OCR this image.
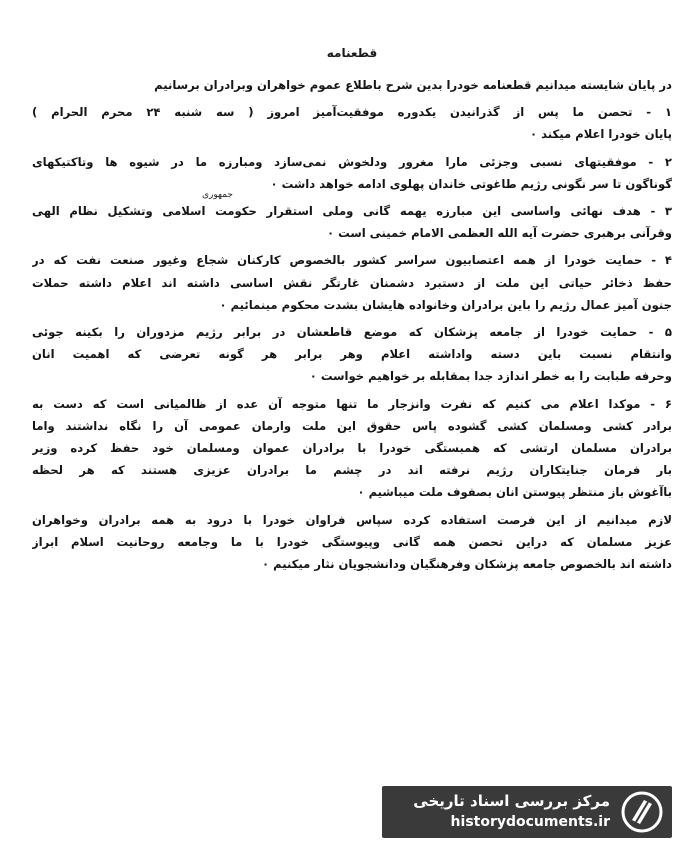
قطعنامه
در پایان شایسته میدانیم قطعنامه خودرا بدین شرح باطلاع عموم خواهران وبرادران برسانیم
۱ - تحصن ما پس از گذرانیدن یکدوره موفقیت‌آمیز امروز ( سه شنبه ۲۴ محرم الحرام )
پایان خودرا اعلام میکند ۰
۲ - موفقیتهای نسبی وجزئی مارا مغرور ودلخوش نمی‌سازد ومبارزه ما در شیوه ها وتاکتیکهای
گوناگون تا سر نگونی رژیم طاغوتی خاندان پهلوی ادامه خواهد داشت ۰
جمهوری
۳ - هدف نهائی واساسی این مبارزه یهمه گانی وملی استقرار حکومت اسلامی وتشکیل نظام الهی
وقرآنی برهبری حضرت آیه الله العظمی الامام خمینی است ۰
۴ - حمایت خودرا از همه اعتصابیون سراسر کشور بالخصوص کارکنان شجاع وغیور صنعت نفت که در
حفظ ذخائر حیاتی این ملت از دستبرد دشمنان غارتگر نقش اساسی داشته اند اعلام داشته حملات
جنون آمیز عمال رژیم را باین برادران وخانواده هایشان بشدت محکوم مینمائیم ۰
۵ - حمایت خودرا از جامعه پزشکان که موضع قاطعشان در برابر رژیم مزدوران را بکینه جوئی
وانتقام نسبت باین دسته واداشته اعلام وهر برابر هر گونه تعرضی که اهمیت انان
وحرفه طبابت را به خطر اندازد جدا بمقابله بر خواهیم خواست ۰
۶ - موکدا اعلام می کنیم که نفرت وانزجار ما تنها متوجه آن عده از ظالمیانی است که دست به
برادر کشی ومسلمان کشی گشوده پاس حقوق این ملت وارمان عمومی آن را نگاه نداشتند واما
برادران مسلمان ارتشی که همبستگی خودرا با برادران عموان ومسلمان خود حفظ کرده وزیر
بار فرمان جنایتکاران رژیم نرفته اند در چشم ما برادران عزیزی هستند که هر لحظه
باآغوش باز منتظر پیوستن انان بصفوف ملت میباشیم ۰
لازم میدانیم از این فرصت استفاده کرده سپاس فراوان خودرا با درود به همه برادران وخواهران
عزیز مسلمان که دراین تحصن همه گانی وپیوستگی خودرا با ما وجامعه روحانیت اسلام ابراز
داشته اند بالخصوص جامعه پزشکان وفرهنگیان ودانشجویان نثار میکنیم ۰
مرکز بررسی اسناد تاریخی
historydocuments.ir
